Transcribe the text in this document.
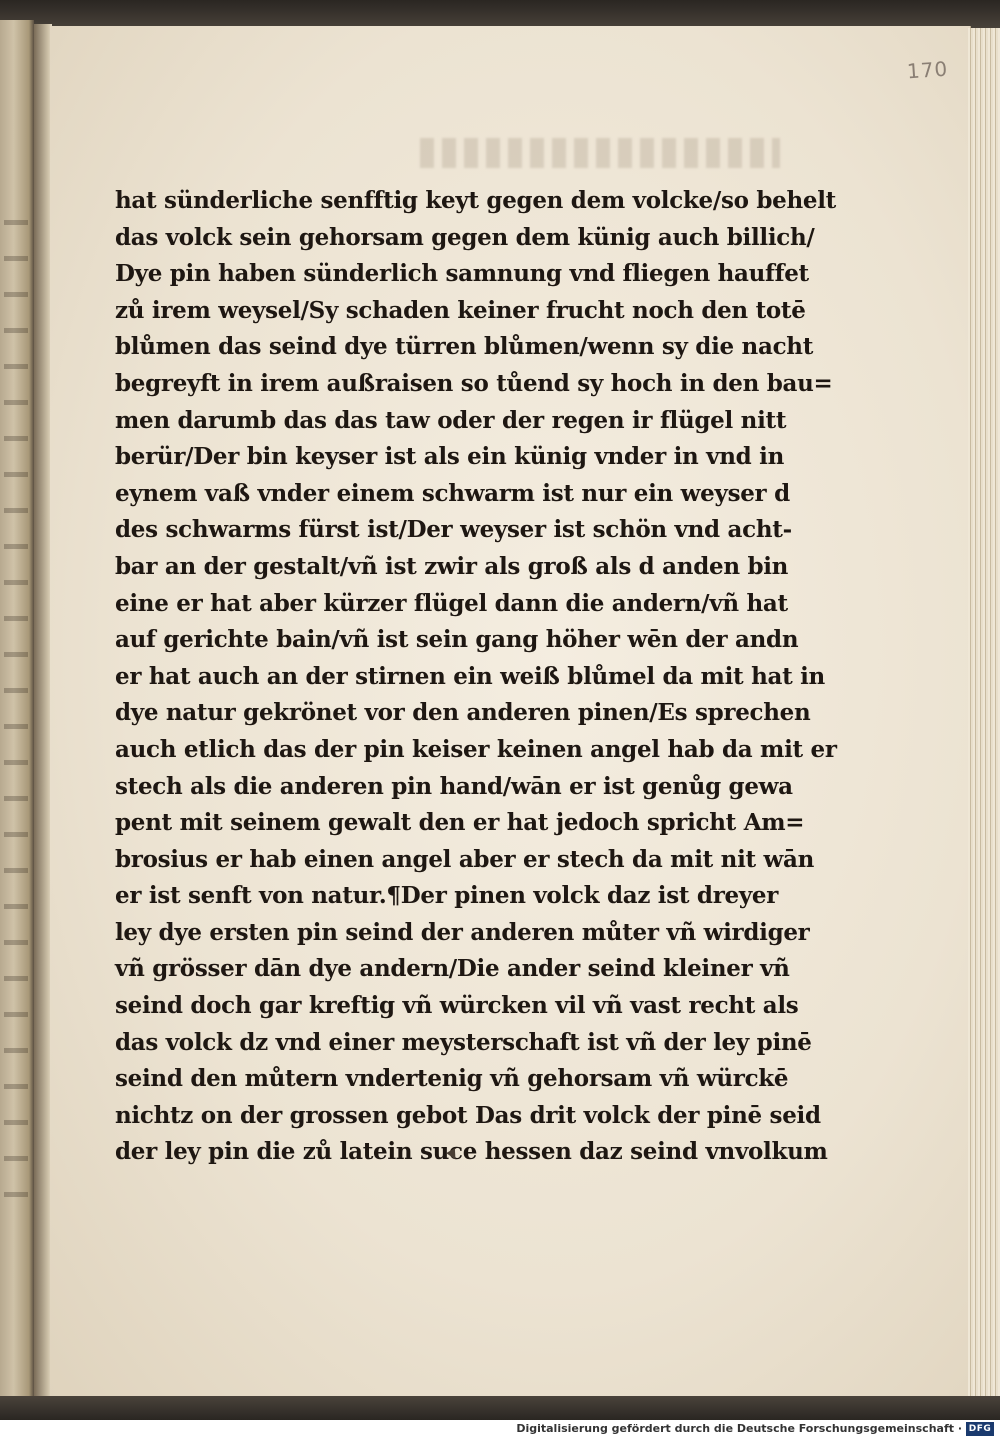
170
hat sünderliche senfftig keyt gegen dem volcke/so behelt
das volck sein gehorsam gegen dem künig auch billich/
Dye pin haben sünderlich samnung vnd fliegen hauffet
zů irem weysel/Sy schaden keiner frucht noch den totē
blůmen das seind dye türren blůmen/wenn sy die nacht
begreyft in irem außraisen so tůend sy hoch in den bau=
men darumb das das taw oder der regen ir flügel nitt
berür/Der bin keyser ist als ein künig vnder in vnd in
eynem vaß vnder einem schwarm ist nur ein weyser d
des schwarms fürst ist/Der weyser ist schön vnd acht-
bar an der gestalt/vñ ist zwir als groß als d anden bin
eine er hat aber kürzer flügel dann die andern/vñ hat
auf gerichte bain/vñ ist sein gang höher wēn der andn
er hat auch an der stirnen ein weiß blůmel da mit hat in
dye natur gekrönet vor den anderen pinen/Es sprechen
auch etlich das der pin keiser keinen angel hab da mit er
stech als die anderen pin hand/wān er ist genůg gewa
pent mit seinem gewalt den er hat jedoch spricht Am=
brosius er hab einen angel aber er stech da mit nit wān
er ist senft von natur.¶Der pinen volck daz ist dreyer
ley dye ersten pin seind der anderen můter vñ wirdiger
vñ grösser dān dye andern/Die ander seind kleiner vñ
seind doch gar kreftig vñ würcken vil vñ vast recht als
das volck dz vnd einer meysterschaft ist vñ der ley pinē
seind den můtern vndertenig vñ gehorsam vñ würckē
nichtz on der grossen gebot Das drit volck der pinē seid
der ley pin die zů latein suce hessen daz seind vnvolkum
Digitalisierung gefördert durch die Deutsche Forschungsgemeinschaft · DFG
